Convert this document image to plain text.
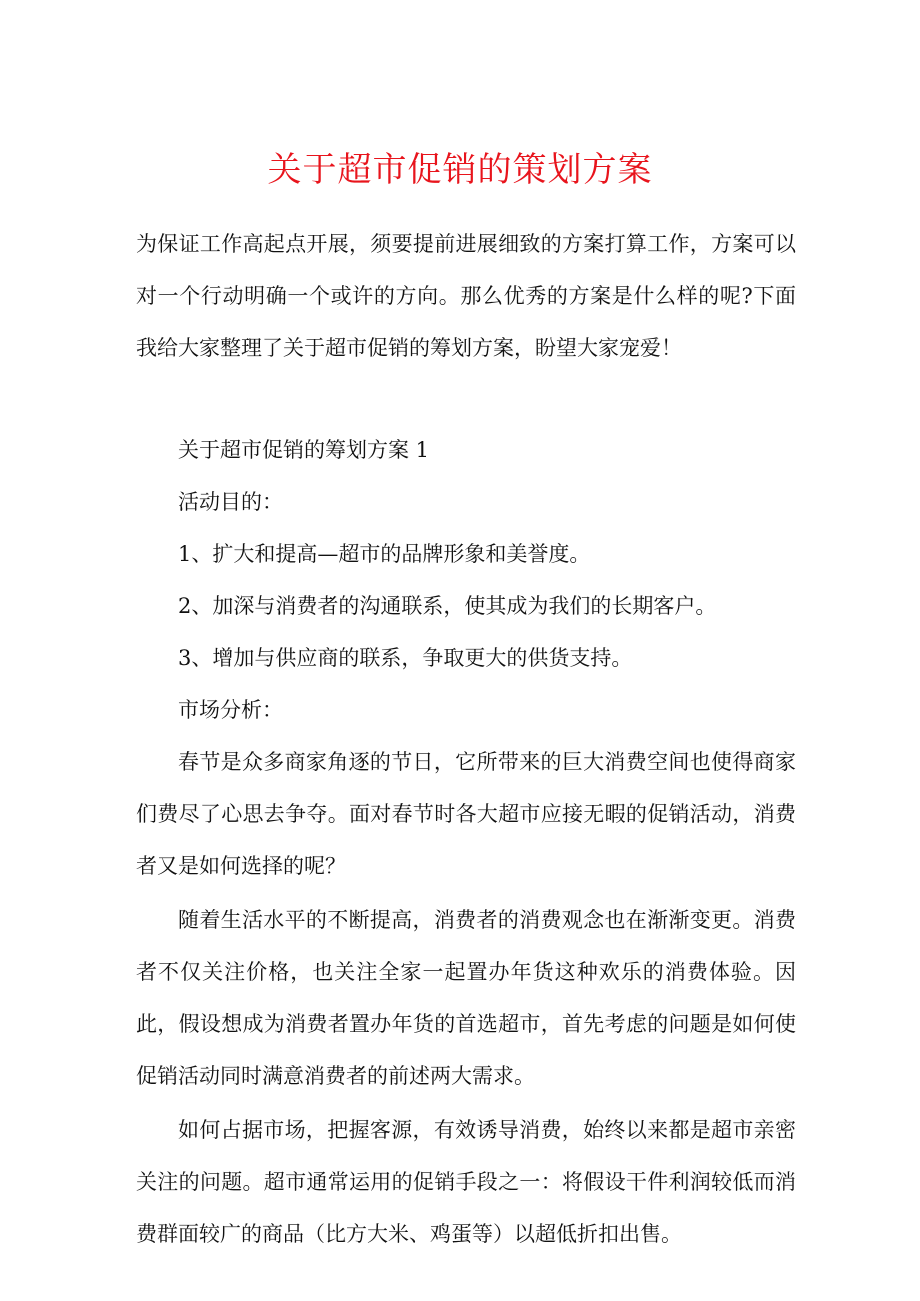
关于超市促销的策划方案
为保证工作高起点开展，须要提前进展细致的方案打算工作，方案可以对一个行动明确一个或许的方向。那么优秀的方案是什么样的呢?下面我给大家整理了关于超市促销的筹划方案，盼望大家宠爱！
关于超市促销的筹划方案 1
活动目的：
1、扩大和提高—超市的品牌形象和美誉度。
2、加深与消费者的沟通联系，使其成为我们的长期客户。
3、增加与供应商的联系，争取更大的供货支持。
市场分析：
春节是众多商家角逐的节日，它所带来的巨大消费空间也使得商家们费尽了心思去争夺。面对春节时各大超市应接无暇的促销活动，消费者又是如何选择的呢？
随着生活水平的不断提高，消费者的消费观念也在渐渐变更。消费者不仅关注价格，也关注全家一起置办年货这种欢乐的消费体验。因此，假设想成为消费者置办年货的首选超市，首先考虑的问题是如何使促销活动同时满意消费者的前述两大需求。
如何占据市场，把握客源，有效诱导消费，始终以来都是超市亲密关注的问题。超市通常运用的促销手段之一：将假设干件利润较低而消费群面较广的商品（比方大米、鸡蛋等）以超低折扣出售。
